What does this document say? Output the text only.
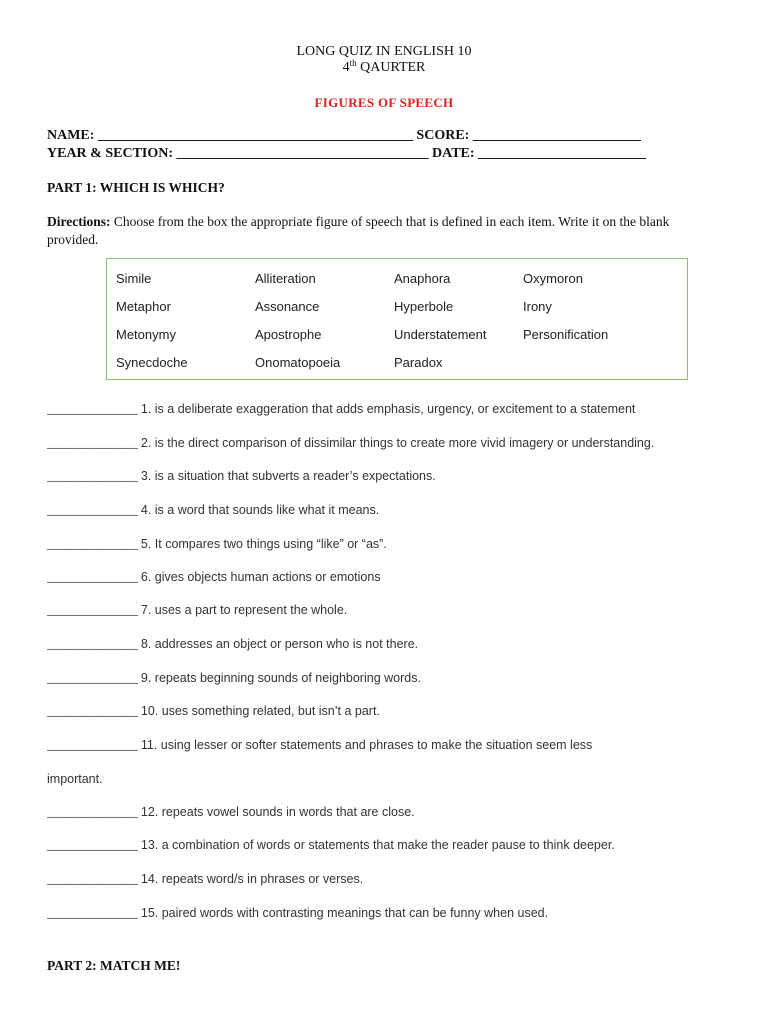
LONG QUIZ IN ENGLISH 10
4th QAURTER
FIGURES OF SPEECH
NAME: _____________________________________________ SCORE: ________________________
YEAR & SECTION: ____________________________________ DATE: ________________________
PART 1: WHICH IS WHICH?
Directions: Choose from the box the appropriate figure of speech that is defined in each item. Write it on the blank provided.
Simile	Alliteration	Anaphora	Oxymoron
Metaphor	Assonance	Hyperbole	Irony
Metonymy	Apostrophe	Understatement	Personification
Synecdoche	Onomatopoeia	Paradox
________________ 1. is a deliberate exaggeration that adds emphasis, urgency, or excitement to a statement
________________ 2. is the direct comparison of dissimilar things to create more vivid imagery or understanding.
________________ 3. is a situation that subverts a reader’s expectations.
________________ 4. is a word that sounds like what it means.
________________ 5. It compares two things using “like” or “as”.
________________ 6. gives objects human actions or emotions
________________ 7. uses a part to represent the whole.
________________ 8. addresses an object or person who is not there.
________________ 9. repeats beginning sounds of neighboring words.
________________ 10. uses something related, but isn’t a part.
________________ 11. using lesser or softer statements and phrases to make the situation seem less
important.
________________ 12. repeats vowel sounds in words that are close.
________________ 13. a combination of words or statements that make the reader pause to think deeper.
________________ 14. repeats word/s in phrases or verses.
________________ 15. paired words with contrasting meanings that can be funny when used.
PART 2: MATCH ME!
